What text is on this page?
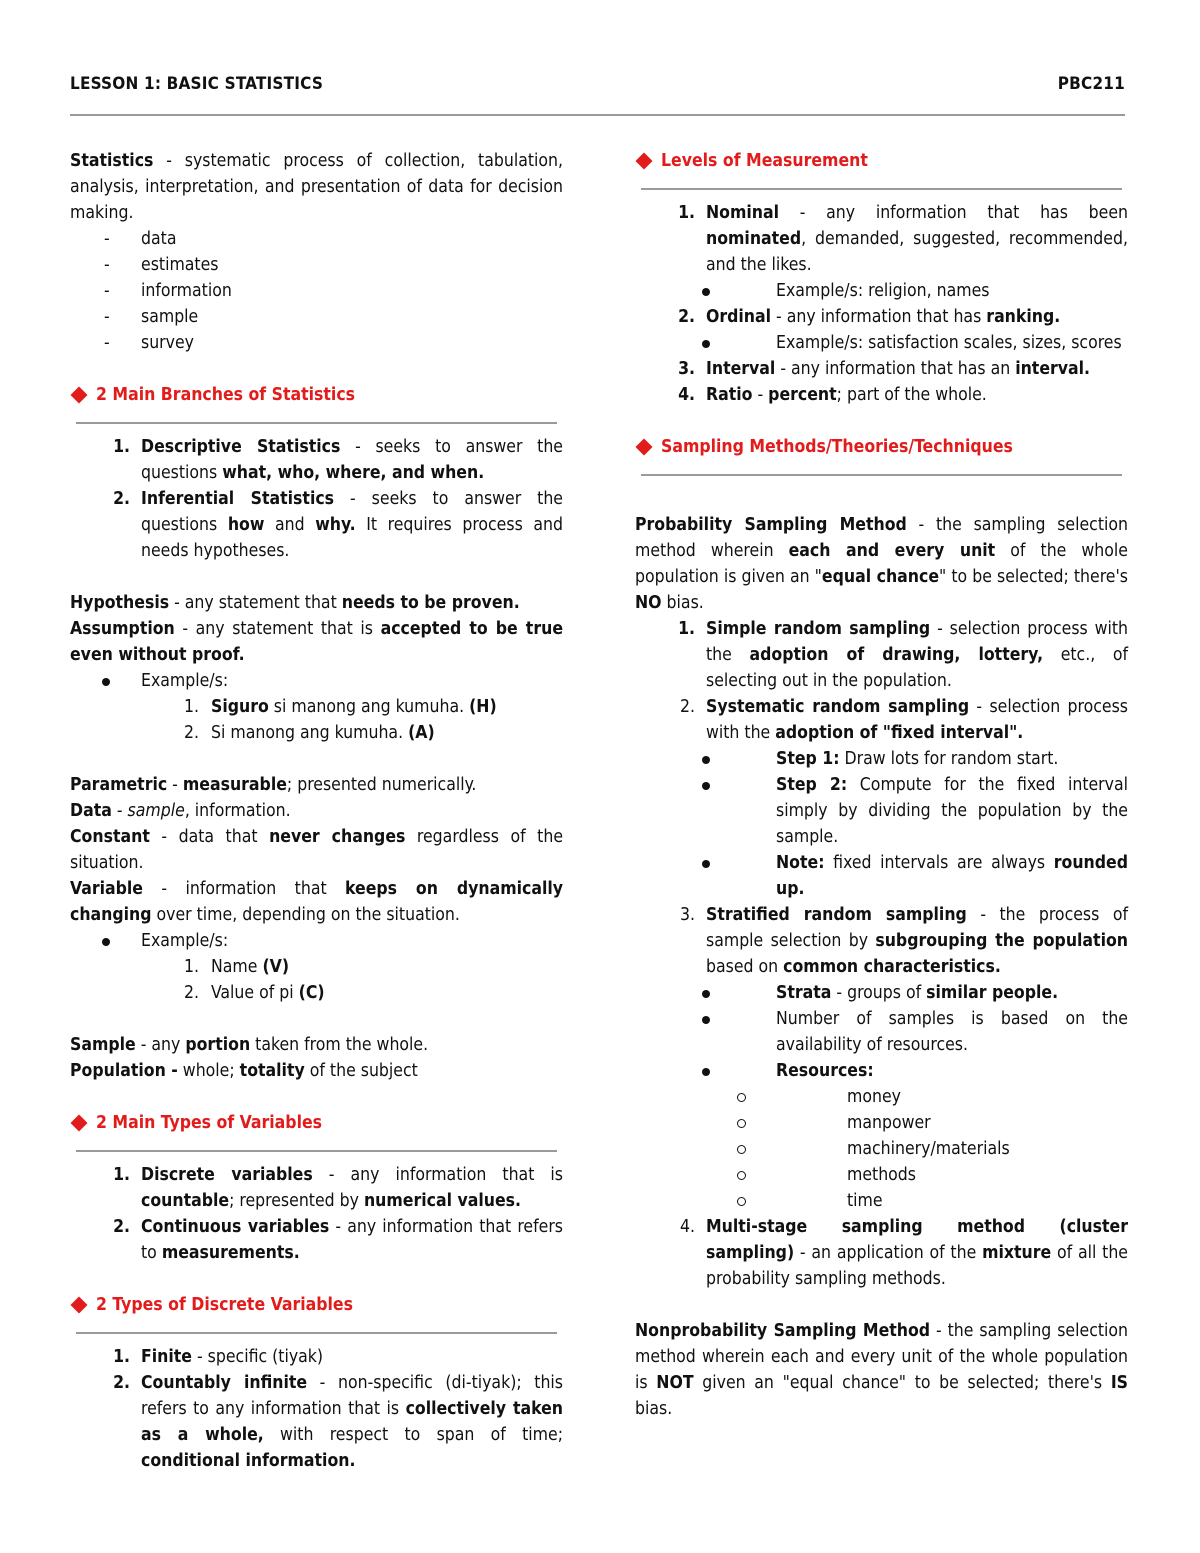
LESSON 1: BASIC STATISTICS	PBC211

Statistics - systematic process of collection, tabulation, analysis, interpretation, and presentation of data for decision making.

-	data
-	estimates
-	information
-	sample
-	survey
2 Main Branches of Statistics
1. Descriptive Statistics - seeks to answer the questions what, who, where, and when.
2. Inferential Statistics - seeks to answer the questions how and why. It requires process and needs hypotheses.

Hypothesis - any statement that needs to be proven.

Assumption - any statement that is accepted to be true even without proof.

Example/s:
1. Siguro si manong ang kumuha. (H)
2. Si manong ang kumuha. (A)

Parametric - measurable; presented numerically.

Data - sample, information.

Constant - data that never changes regardless of the situation.

Variable - information that keeps on dynamically changing over time, depending on the situation.

Example/s:
1. Name (V)
2. Value of pi (C)

Sample - any portion taken from the whole.

Population - whole; totality of the subject

2 Main Types of Variables
1. Discrete variables - any information that is countable; represented by numerical values.
2. Continuous variables - any information that refers to measurements.
2 Types of Discrete Variables
1. Finite - specific (tiyak)
2. Countably infinite - non-specific (di-tiyak); this refers to any information that is collectively taken as a whole, with respect to span of time; conditional information.
Levels of Measurement
1. Nominal - any information that has been nominated, demanded, suggested, recommended, and the likes.
Example/s: religion, names
2. Ordinal - any information that has ranking.
Example/s: satisfaction scales, sizes, scores
3. Interval - any information that has an interval.
4. Ratio - percent; part of the whole.
Sampling Methods/Theories/Techniques

Probability Sampling Method - the sampling selection method wherein each and every unit of the whole population is given an "equal chance" to be selected; there's NO bias.

1. Simple random sampling - selection process with the adoption of drawing, lottery, etc., of selecting out in the population.
2. Systematic random sampling - selection process with the adoption of "fixed interval".
Step 1: Draw lots for random start.
Step 2: Compute for the fixed interval simply by dividing the population by the sample.
Note: fixed intervals are always rounded up.
3. Stratified random sampling - the process of sample selection by subgrouping the population based on common characteristics.
Strata - groups of similar people.
Number of samples is based on the availability of resources.
Resources:
money
manpower
machinery/materials
methods
time
4. Multi-stage sampling method (cluster sampling) - an application of the mixture of all the probability sampling methods.

Nonprobability Sampling Method - the sampling selection method wherein each and every unit of the whole population is NOT given an "equal chance" to be selected; there's IS bias.
